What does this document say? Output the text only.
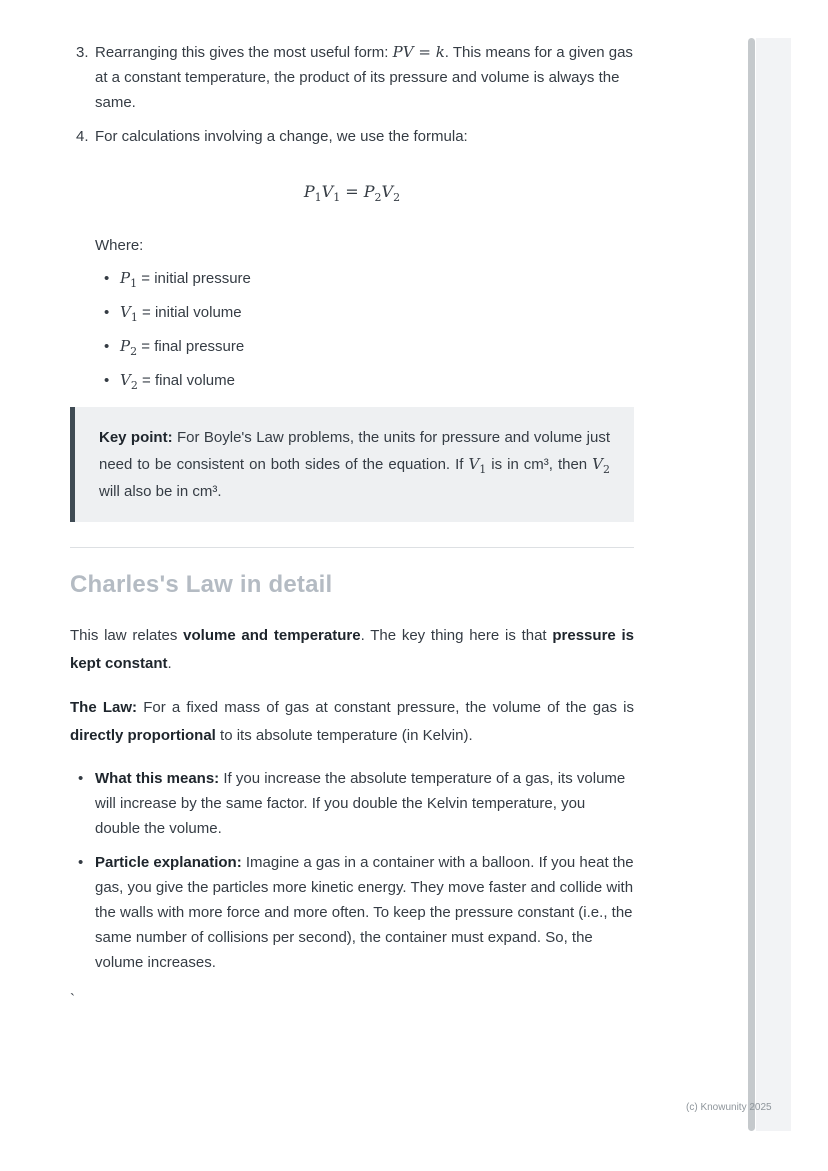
3. Rearranging this gives the most useful form: PV = k. This means for a given gas at a constant temperature, the product of its pressure and volume is always the same.
4. For calculations involving a change, we use the formula:
$P_1V_1 = P_2V_2$
Where:
• $P_1$ = initial pressure
• $V_1$ = initial volume
• $P_2$ = final pressure
• $V_2$ = final volume
Key point: For Boyle's Law problems, the units for pressure and volume just need to be consistent on both sides of the equation. If $V_1$ is in cm³, then $V_2$ will also be in cm³.
Charles's Law in detail

This law relates volume and temperature. The key thing here is that pressure is kept constant.

The Law: For a fixed mass of gas at constant pressure, the volume of the gas is directly proportional to its absolute temperature (in Kelvin).

• What this means: If you increase the absolute temperature of a gas, its volume will increase by the same factor. If you double the Kelvin temperature, you double the volume.
• Particle explanation: Imagine a gas in a container with a balloon. If you heat the gas, you give the particles more kinetic energy. They move faster and collide with the walls with more force and more often. To keep the pressure constant (i.e., the same number of collisions per second), the container must expand. So, the volume increases.
`
(c) Knowunity 2025
